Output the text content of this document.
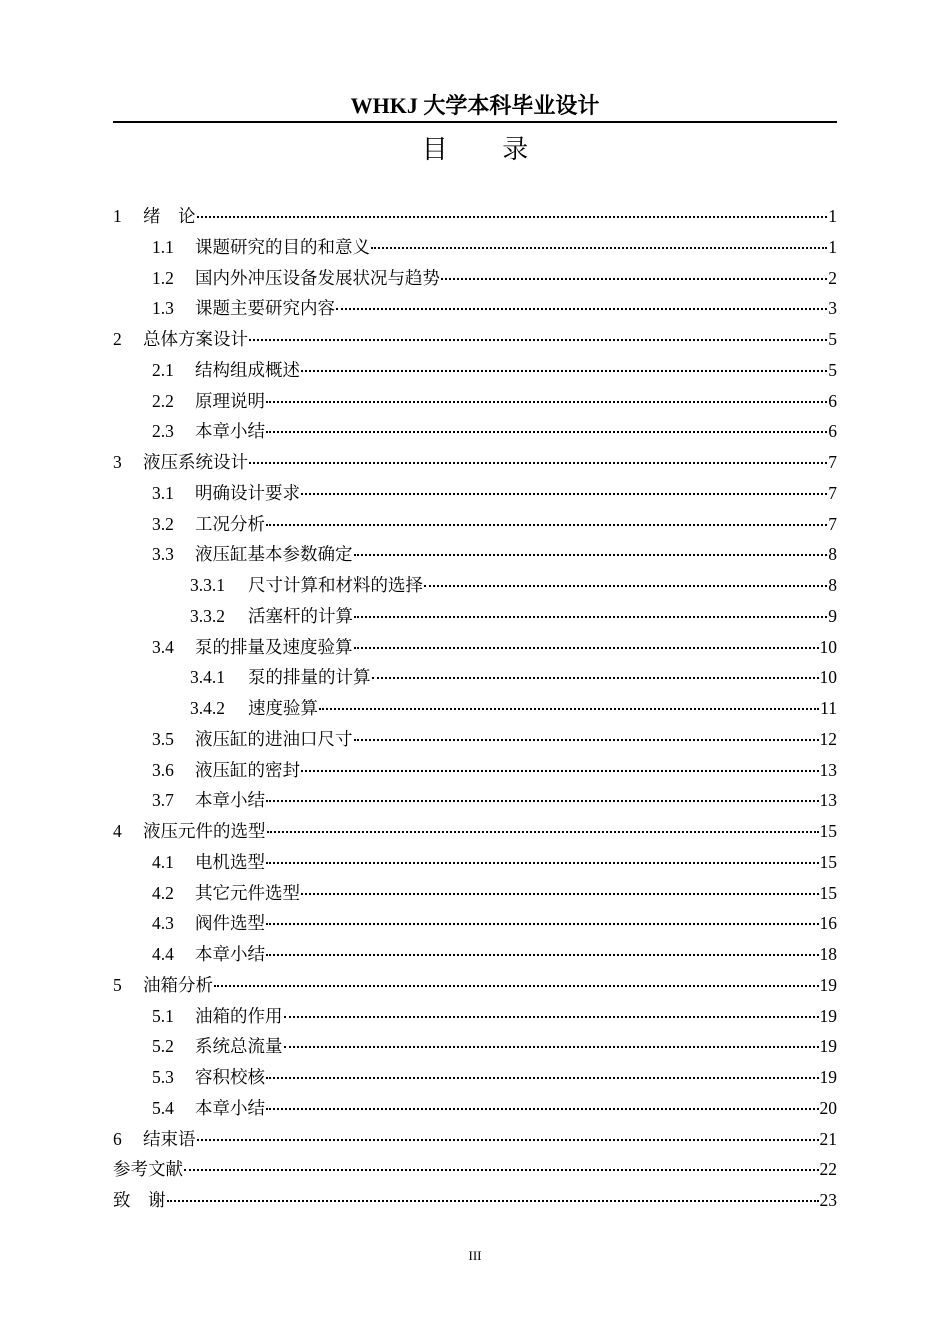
WHKJ 大学本科毕业设计
目 录
1	绪　论	1
1.1	课题研究的目的和意义	1
1.2	国内外冲压设备发展状况与趋势	2
1.3	课题主要研究内容	3
2	总体方案设计	5
2.1	结构组成概述	5
2.2	原理说明	6
2.3	本章小结	6
3	液压系统设计	7
3.1	明确设计要求	7
3.2	工况分析	7
3.3	液压缸基本参数确定	8
3.3.1	尺寸计算和材料的选择	8
3.3.2	活塞杆的计算	9
3.4	泵的排量及速度验算	10
3.4.1	泵的排量的计算	10
3.4.2	速度验算	11
3.5	液压缸的进油口尺寸	12
3.6	液压缸的密封	13
3.7	本章小结	13
4	液压元件的选型	15
4.1	电机选型	15
4.2	其它元件选型	15
4.3	阀件选型	16
4.4	本章小结	18
5	油箱分析	19
5.1	油箱的作用	19
5.2	系统总流量	19
5.3	容积校核	19
5.4	本章小结	20
6	结束语	21
参考文献	22
致　谢	23
III
